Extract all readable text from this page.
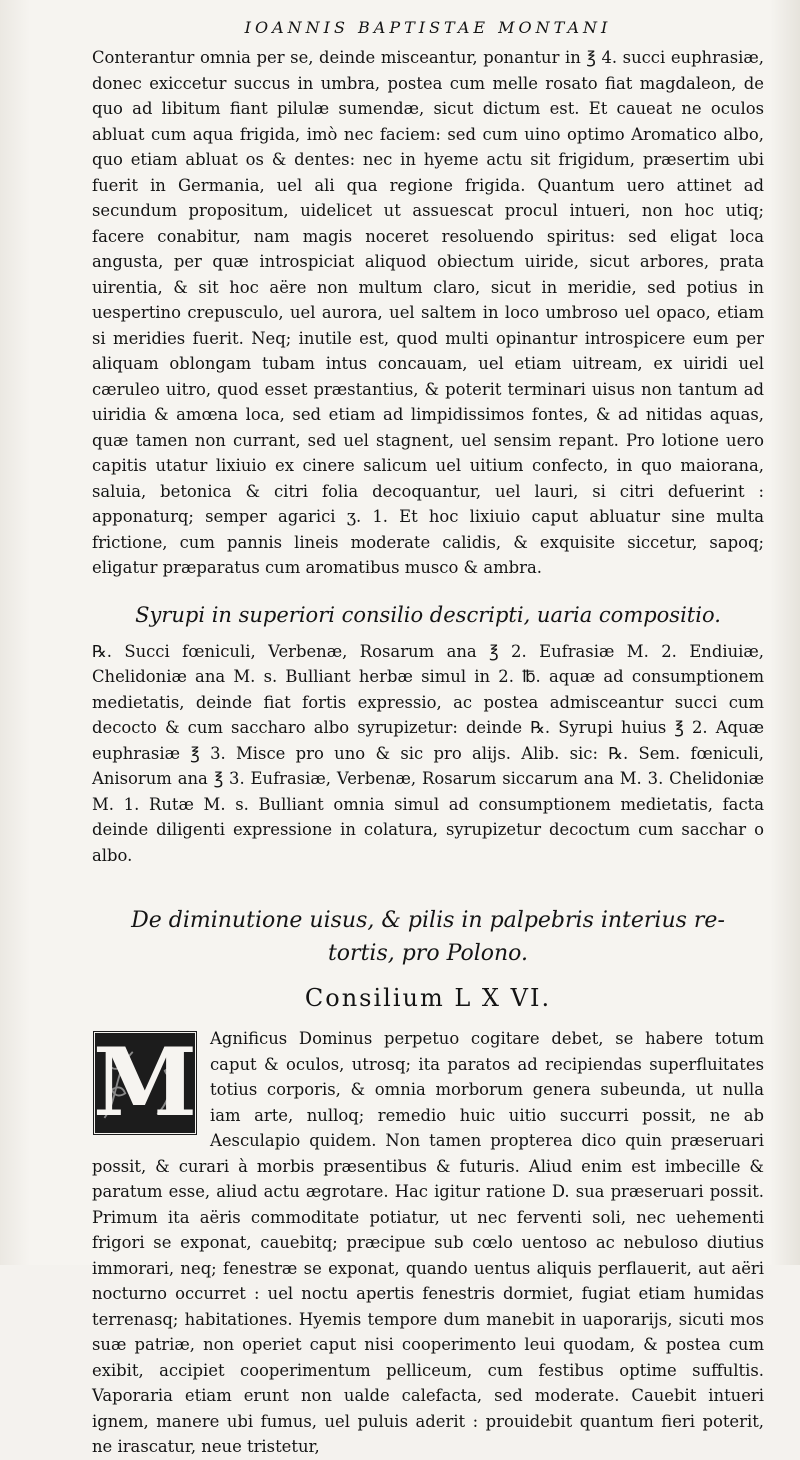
IOANNIS BAPTISTAE MONTANI

Conterantur omnia per se, deinde misceantur, ponantur in ℥ 4. succi euphrasiæ, donec exiccetur succus in umbra, postea cum melle rosato fiat magdaleon, de quo ad libitum fiant pilulæ sumendæ, sicut dictum est. Et caueat ne oculos abluat cum aqua frigida, imò nec faciem: sed cum uino optimo Aromatico albo, quo etiam abluat os & dentes: nec in hyeme actu sit frigidum, præsertim ubi fuerit in Germania, uel ali qua regione frigida. Quantum uero attinet ad secundum propositum, uidelicet ut assuescat procul intueri, non hoc utiq; facere conabitur, nam magis noceret resoluendo spiritus: sed eligat loca angusta, per quæ introspiciat aliquod obiectum uiride, sicut arbores, prata uirentia, & sit hoc aëre non multum claro, sicut in meridie, sed potius in uespertino crepusculo, uel aurora, uel saltem in loco umbroso uel opaco, etiam si meridies fuerit. Neq; inutile est, quod multi opinantur introspicere eum per aliquam oblongam tubam intus concauam, uel etiam uitream, ex uiridi uel cæruleo uitro, quod esset præstantius, & poterit terminari uisus non tantum ad uiridia & amœna loca, sed etiam ad limpidissimos fontes, & ad nitidas aquas, quæ tamen non currant, sed uel stagnent, uel sensim repant. Pro lotione uero capitis utatur lixiuio ex cinere salicum uel uitium confecto, in quo maiorana, saluia, betonica & citri folia decoquantur, uel lauri, si citri defuerint : apponaturq; semper agarici ʒ. 1. Et hoc lixiuio caput abluatur sine multa frictione, cum pannis lineis moderate calidis, & exquisite siccetur, sapoq; eligatur præparatus cum aromatibus musco & ambra.

Syrupi in superiori consilio descripti, uaria compositio.

℞. Succi fœniculi, Verbenæ, Rosarum ana ℥ 2. Eufrasiæ M. 2. Endiuiæ, Chelidoniæ ana M. s. Bulliant herbæ simul in 2. ℔. aquæ ad consumptionem medietatis, deinde fiat fortis expressio, ac postea admisceantur succi cum decocto & cum saccharo albo syrupizetur: deinde ℞. Syrupi huius ℥ 2. Aquæ euphrasiæ ℥ 3. Misce pro uno & sic pro alijs. Alib. sic: ℞. Sem. fœniculi, Anisorum ana ℥ 3. Eufrasiæ, Verbenæ, Rosarum siccarum ana M. 3. Chelidoniæ M. 1. Rutæ M. s. Bulliant omnia simul ad consumptionem medietatis, facta deinde diligenti expressione in colatura, syrupizetur decoctum cum sacchar o albo.

De diminutione uisus, & pilis in palpebris interius re-
tortis, pro Polono.
Consilium L X VI.
M Agnificus Dominus perpetuo cogitare debet, se habere totum caput & oculos, utrosq; ita paratos ad recipiendas superfluitates totius corporis, & omnia morborum genera subeunda, ut nulla iam arte, nulloq; remedio huic uitio succurri possit, ne ab Aesculapio quidem. Non tamen propterea dico quin præseruari possit, & curari à morbis præsentibus & futuris. Aliud enim est imbecille & paratum esse, aliud actu ægrotare. Hac igitur ratione D. sua præseruari possit. Primum ita aëris commoditate potiatur, ut nec ferventi soli, nec uehementi frigori se exponat, cauebitq; præcipue sub cœlo uentoso ac nebuloso diutius immorari, neq; fenestræ se exponat, quando uentus aliquis perflauerit, aut aëri nocturno occurret : uel noctu apertis fenestris dormiet, fugiat etiam humidas terrenasq; habitationes. Hyemis tempore dum manebit in uaporarijs, sicuti mos suæ patriæ, non operiet caput nisi cooperimento leui quodam, & postea cum exibit, accipiet cooperimentum pelliceum, cum festibus optime suffultis. Vaporaria etiam erunt non ualde calefacta, sed moderate. Cauebit intueri ignem, manere ubi fumus, uel puluis aderit : prouidebit quantum fieri poterit, ne irascatur, neue tristetur,
